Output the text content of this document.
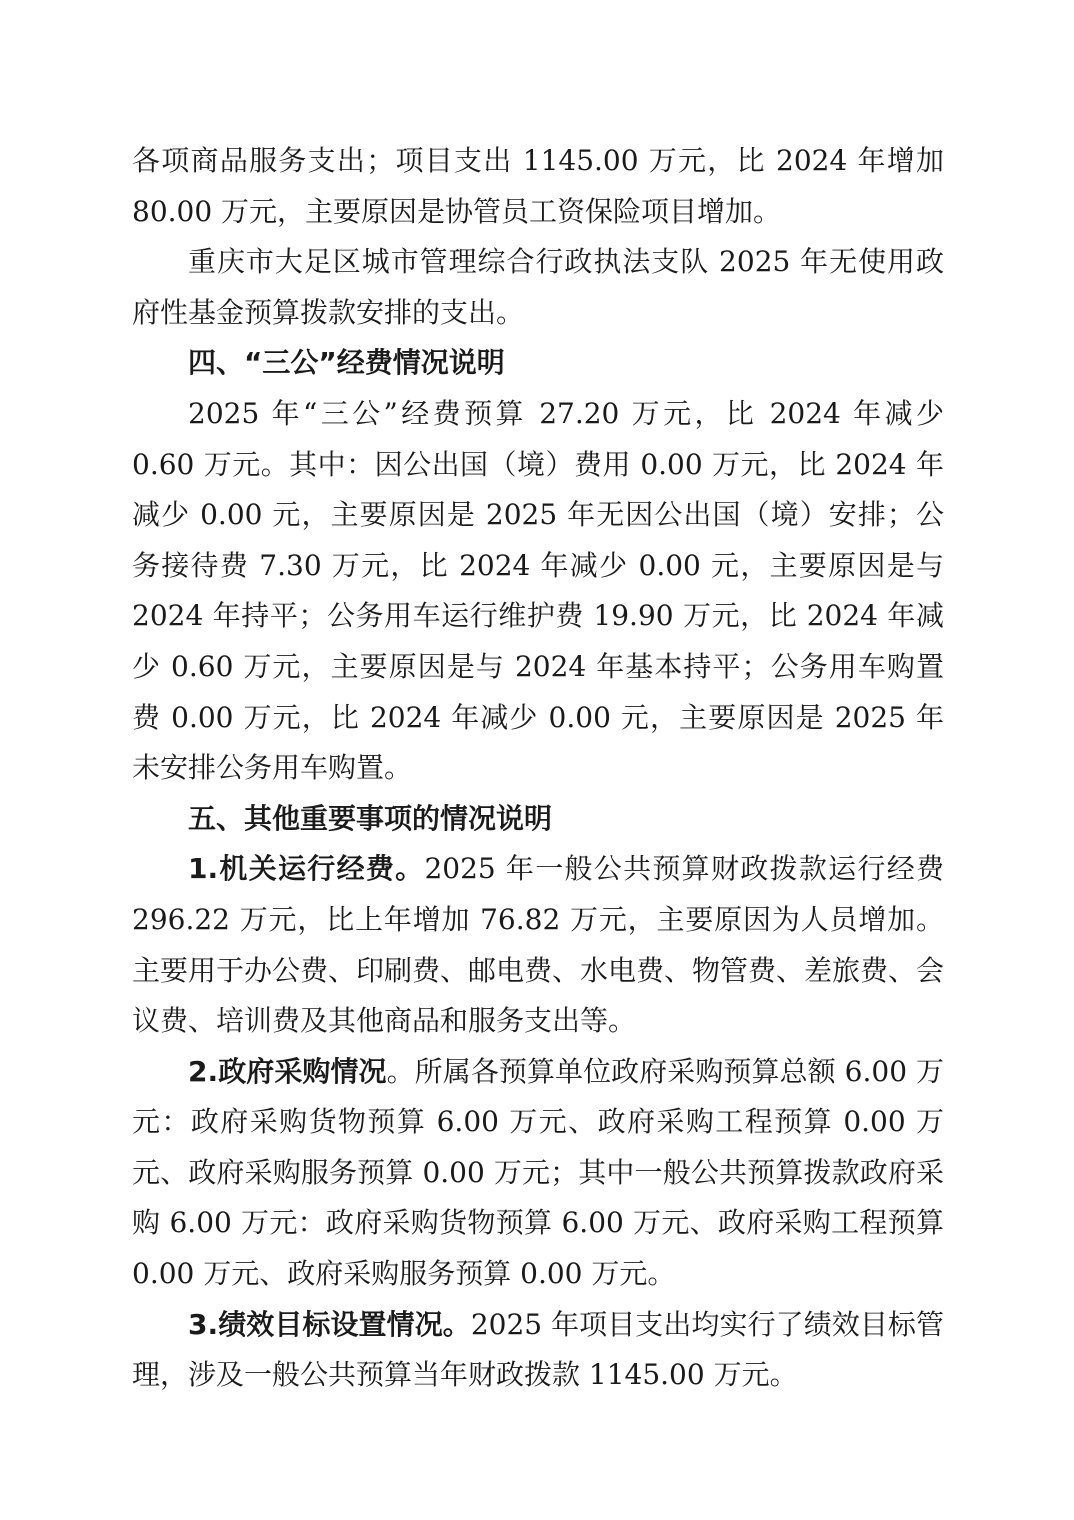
各项商品服务支出；项目支出 1145.00 万元，比 2024 年增加 80.00 万元，主要原因是协管员工资保险项目增加。

重庆市大足区城市管理综合行政执法支队 2025 年无使用政府性基金预算拨款安排的支出。

四、“三公”经费情况说明

2025 年“三公”经费预算 27.20 万元，比 2024 年减少 0.60 万元。其中：因公出国（境）费用 0.00 万元，比 2024 年减少 0.00 元，主要原因是 2025 年无因公出国（境）安排；公务接待费 7.30 万元，比 2024 年减少 0.00 元，主要原因是与 2024 年持平；公务用车运行维护费 19.90 万元，比 2024 年减少 0.60 万元，主要原因是与 2024 年基本持平；公务用车购置费 0.00 万元，比 2024 年减少 0.00 元，主要原因是 2025 年未安排公务用车购置。

五、其他重要事项的情况说明

1.机关运行经费。2025 年一般公共预算财政拨款运行经费 296.22 万元，比上年增加 76.82 万元，主要原因为人员增加。主要用于办公费、印刷费、邮电费、水电费、物管费、差旅费、会议费、培训费及其他商品和服务支出等。

2.政府采购情况。所属各预算单位政府采购预算总额 6.00 万元：政府采购货物预算 6.00 万元、政府采购工程预算 0.00 万元、政府采购服务预算 0.00 万元；其中一般公共预算拨款政府采购 6.00 万元：政府采购货物预算 6.00 万元、政府采购工程预算 0.00 万元、政府采购服务预算 0.00 万元。

3.绩效目标设置情况。2025 年项目支出均实行了绩效目标管理，涉及一般公共预算当年财政拨款 1145.00 万元。
